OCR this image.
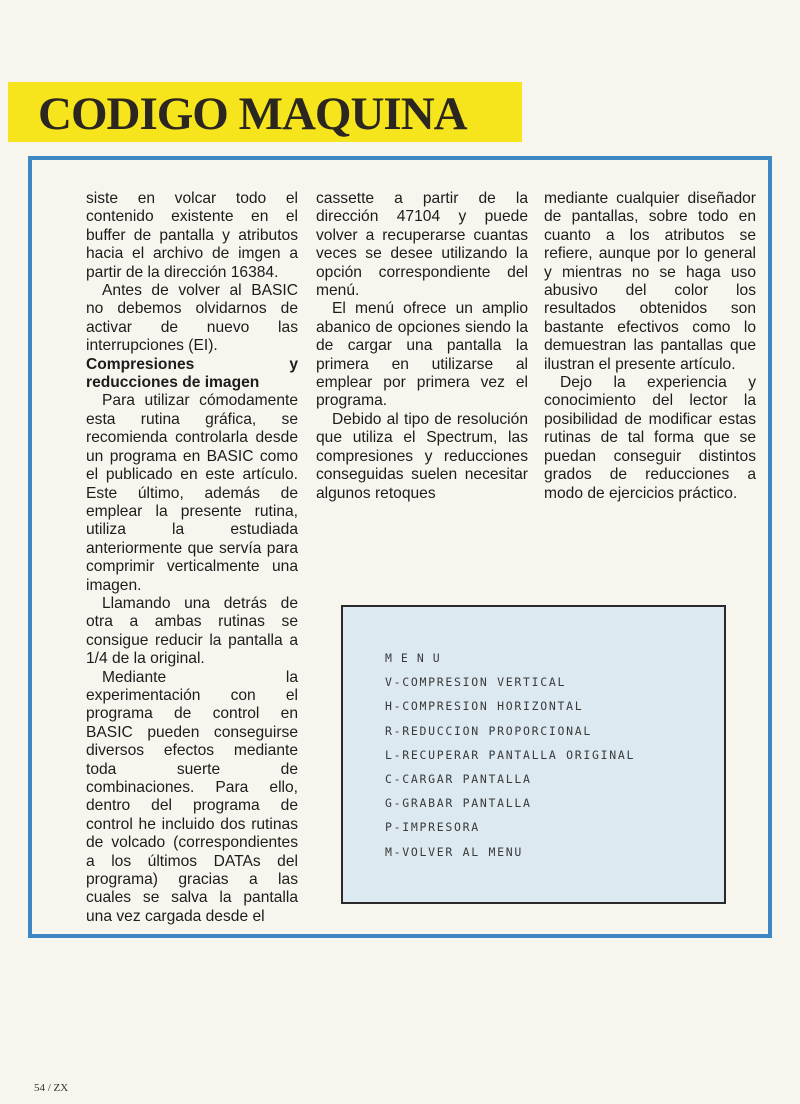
CODIGO MAQUINA

siste en volcar todo el contenido existente en el buffer de pantalla y atributos hacia el archivo de imgen a partir de la dirección 16384.

Antes de volver al BASIC no debemos olvidarnos de activar de nuevo las interrupciones (EI).

Compresiones y reducciones de imagen

Para utilizar cómodamente esta rutina gráfica, se recomienda controlarla desde un programa en BASIC como el publicado en este artículo. Este último, además de emplear la presente rutina, utiliza la estudiada anteriormente que servía para comprimir verticalmente una imagen.

Llamando una detrás de otra a ambas rutinas se consigue reducir la pantalla a 1/4 de la original.

Mediante la experimentación con el programa de control en BASIC pueden conseguirse diversos efectos mediante toda suerte de combinaciones. Para ello, dentro del programa de control he incluido dos rutinas de volcado (correspondientes a los últimos DATAs del programa) gracias a las cuales se salva la pantalla una vez cargada desde el

cassette a partir de la dirección 47104 y puede volver a recuperarse cuantas veces se desee utilizando la opción correspondiente del menú.

El menú ofrece un amplio abanico de opciones siendo la de cargar una pantalla la primera en utilizarse al emplear por primera vez el programa.

Debido al tipo de resolución que utiliza el Spectrum, las compresiones y reducciones conseguidas suelen necesitar algunos retoques

mediante cualquier diseñador de pantallas, sobre todo en cuanto a los atributos se refiere, aunque por lo general y mientras no se haga uso abusivo del color los resultados obtenidos son bastante efectivos como lo demuestran las pantallas que ilustran el presente artículo.

Dejo la experiencia y conocimiento del lector la posibilidad de modificar estas rutinas de tal forma que se puedan conseguir distintos grados de reducciones a modo de ejercicios práctico.

MENU
V-COMPRESION VERTICAL
H-COMPRESION HORIZONTAL
R-REDUCCION PROPORCIONAL
L-RECUPERAR PANTALLA ORIGINAL
C-CARGAR PANTALLA
G-GRABAR PANTALLA
P-IMPRESORA
M-VOLVER AL MENU
54 / ZX
